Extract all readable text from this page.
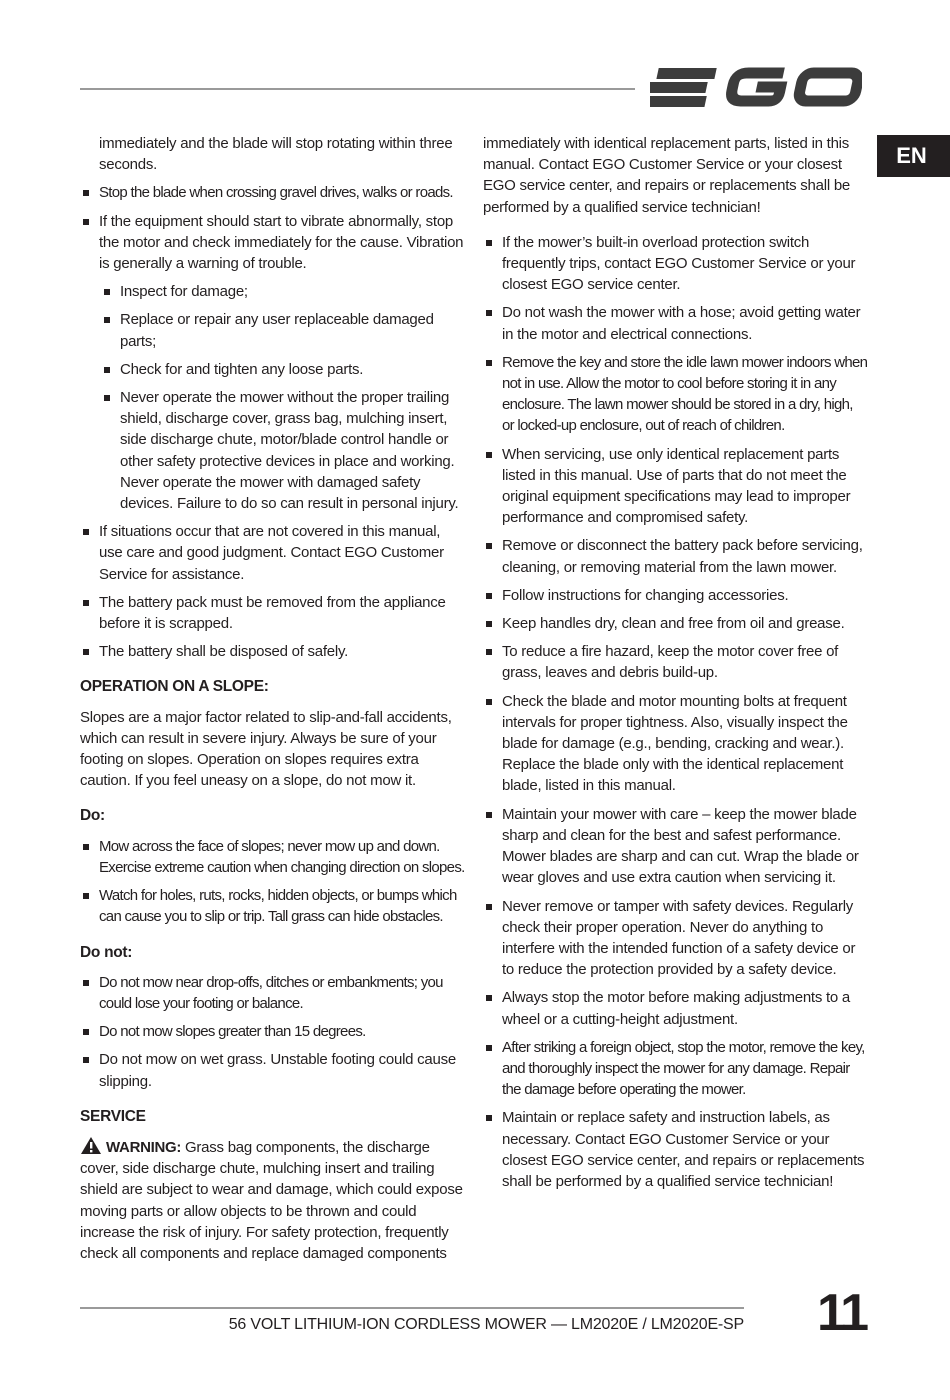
EN

immediately and the blade will stop rotating within three seconds.

Stop the blade when crossing gravel drives, walks or roads.
If the equipment should start to vibrate abnormally, stop the motor and check immediately for the cause. Vibration is generally a warning of trouble.
Inspect for damage;
Replace or repair any user replaceable damaged parts;
Check for and tighten any loose parts.
Never operate the mower without the proper trailing shield, discharge cover, grass bag, mulching insert, side discharge chute, motor/blade control handle or other safety protective devices in place and working. Never operate the mower with damaged safety devices. Failure to do so can result in personal injury.
If situations occur that are not covered in this manual, use care and good judgment. Contact EGO Customer Service for assistance.
The battery pack must be removed from the appliance before it is scrapped.
The battery shall be disposed of safely.
OPERATION ON A SLOPE:

Slopes are a major factor related to slip-and-fall accidents, which can result in severe injury. Always be sure of your footing on slopes. Operation on slopes requires extra caution. If you feel uneasy on a slope, do not mow it.

Do:
Mow across the face of slopes; never mow up and down. Exercise extreme caution when changing direction on slopes.
Watch for holes, ruts, rocks, hidden objects, or bumps which can cause you to slip or trip. Tall grass can hide obstacles.
Do not:
Do not mow near drop-offs, ditches or embankments; you could lose your footing or balance.
Do not mow slopes greater than 15 degrees.
Do not mow on wet grass. Unstable footing could cause slipping.
SERVICE

WARNING: Grass bag components, the discharge cover, side discharge chute, mulching insert and trailing shield are subject to wear and damage, which could expose moving parts or allow objects to be thrown and could increase the risk of injury. For safety protection, frequently check all components and replace damaged components

immediately with identical replacement parts, listed in this manual. Contact EGO Customer Service or your closest EGO service center, and repairs or replacements shall be performed by a qualified service technician!

If the mower’s built-in overload protection switch frequently trips, contact EGO Customer Service or your closest EGO service center.
Do not wash the mower with a hose; avoid getting water in the motor and electrical connections.
Remove the key and store the idle lawn mower indoors when not in use. Allow the motor to cool before storing it in any enclosure. The lawn mower should be stored in a dry, high, or locked-up enclosure, out of reach of children.
When servicing, use only identical replacement parts listed in this manual. Use of parts that do not meet the original equipment specifications may lead to improper performance and compromised safety.
Remove or disconnect the battery pack before servicing, cleaning, or removing material from the lawn mower.
Follow instructions for changing accessories.
Keep handles dry, clean and free from oil and grease.
To reduce a fire hazard, keep the motor cover free of grass, leaves and debris build-up.
Check the blade and motor mounting bolts at frequent intervals for proper tightness. Also, visually inspect the blade for damage (e.g., bending, cracking and wear.). Replace the blade only with the identical replacement blade, listed in this manual.
Maintain your mower with care – keep the mower blade sharp and clean for the best and safest performance. Mower blades are sharp and can cut. Wrap the blade or wear gloves and use extra caution when servicing it.
Never remove or tamper with safety devices. Regularly check their proper operation. Never do anything to interfere with the intended function of a safety device or to reduce the protection provided by a safety device.
Always stop the motor before making adjustments to a wheel or a cutting-height adjustment.
After striking a foreign object, stop the motor, remove the key, and thoroughly inspect the mower for any damage. Repair the damage before operating the mower.
Maintain or replace safety and instruction labels, as necessary. Contact EGO Customer Service or your closest EGO service center, and repairs or replacements shall be performed by a qualified service technician!
56 VOLT LITHIUM-ION CORDLESS MOWER — LM2020E / LM2020E-SP	11
